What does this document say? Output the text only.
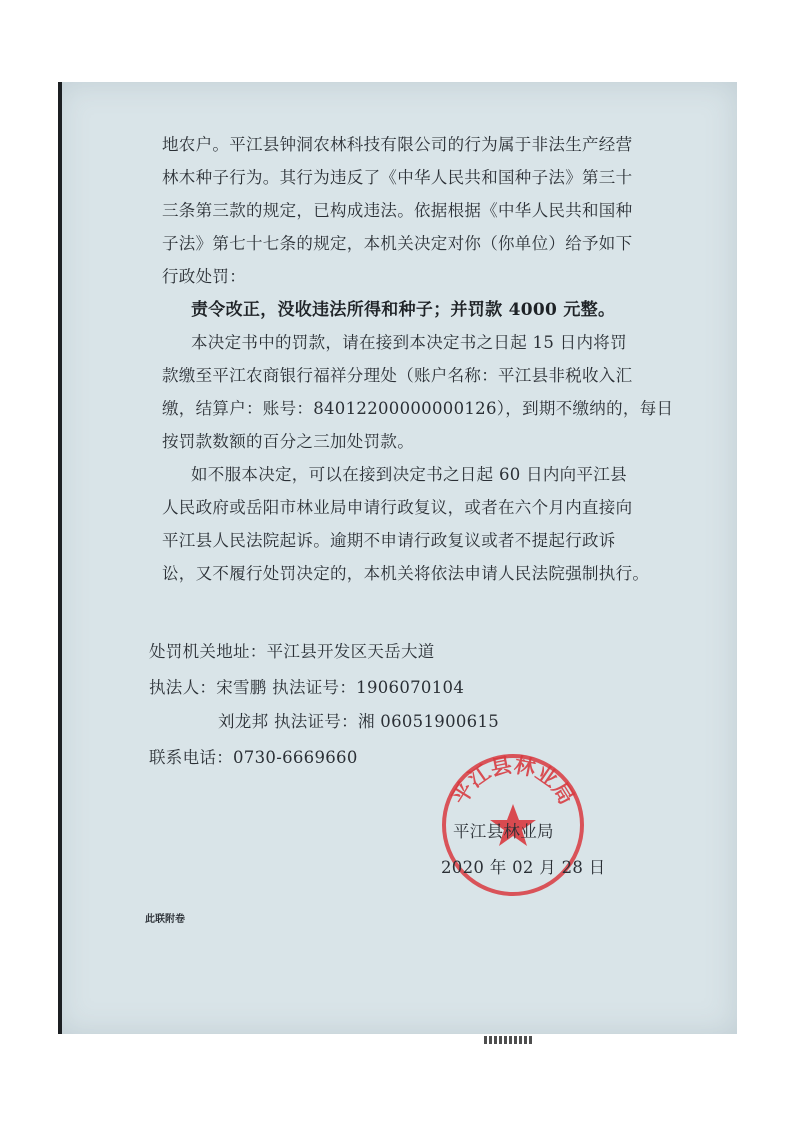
地农户。平江县钟洞农林科技有限公司的行为属于非法生产经营
林木种子行为。其行为违反了《中华人民共和国种子法》第三十
三条第三款的规定，已构成违法。依据根据《中华人民共和国种
子法》第七十七条的规定，本机关决定对你（你单位）给予如下
行政处罚：
责令改正，没收违法所得和种子；并罚款 4000 元整。
本决定书中的罚款，请在接到本决定书之日起 15 日内将罚
款缴至平江农商银行福祥分理处（账户名称：平江县非税收入汇
缴，结算户：账号：84012200000000126），到期不缴纳的，每日
按罚款数额的百分之三加处罚款。
如不服本决定，可以在接到决定书之日起 60 日内向平江县
人民政府或岳阳市林业局申请行政复议，或者在六个月内直接向
平江县人民法院起诉。逾期不申请行政复议或者不提起行政诉
讼，又不履行处罚决定的，本机关将依法申请人民法院强制执行。
处罚机关地址：平江县开发区天岳大道
执法人：宋雪鹏 执法证号：1906070104
刘龙邦 执法证号：湘 06051900615
联系电话：0730-6669660
平江县林业局
平江县林业局
2020 年 02 月 28 日
此联附卷
